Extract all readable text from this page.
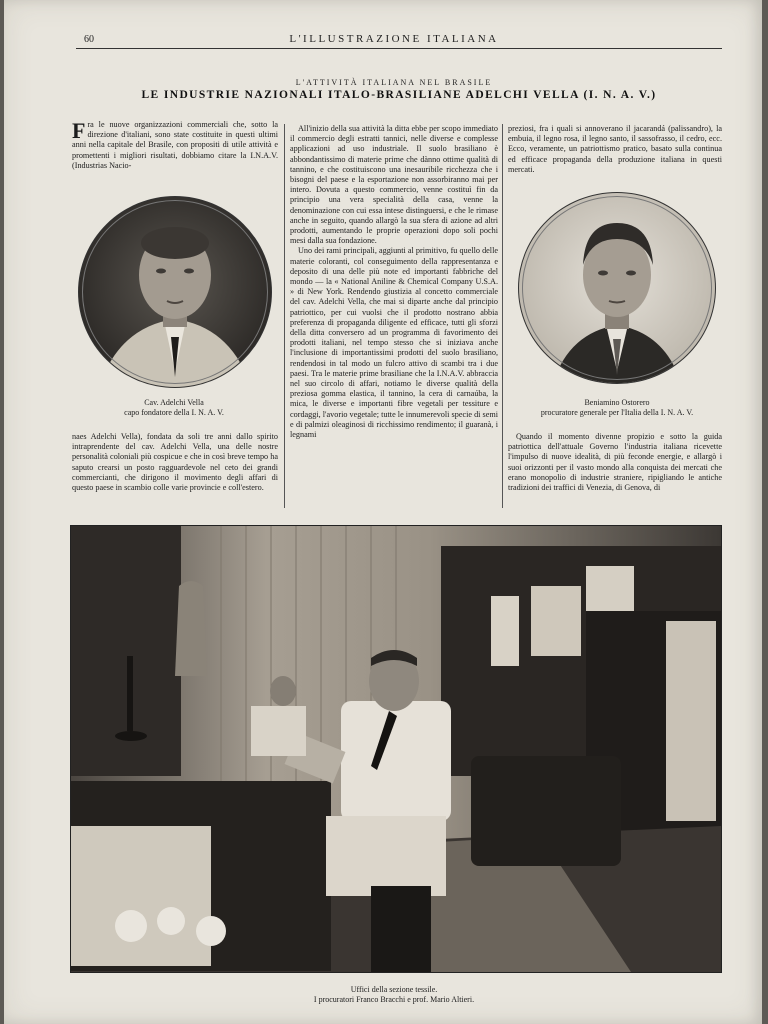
60	L'ILLUSTRAZIONE ITALIANA
L'ATTIVITÀ ITALIANA NEL BRASILE
LE INDUSTRIE NAZIONALI ITALO-BRASILIANE ADELCHI VELLA (I. N. A. V.)
Fra le nuove organizzazioni commerciali che, sotto la direzione d'italiani, sono state costituite in questi ultimi anni nella capitale del Brasile, con propositi di utile attività e promettenti i migliori risultati, dobbiamo citare la I.N.A.V. (Industrias Nacio-

All'inizio della sua attività la ditta ebbe per scopo immediato il commercio degli estratti tannici, nelle diverse e complesse applicazioni ad uso industriale. Il suolo brasiliano è abbondantissimo di materie prime che dànno ottime qualità di tannino, e che costituiscono una inesauribile ricchezza che i bisogni del paese e la esportazione non assorbiranno mai per intero. Dovuta a questo commercio, venne costituì fin da principio una vera specialità della casa, venne la denominazione con cui essa intese distinguersi, e che le rimase anche in seguito, quando allargò la sua sfera di azione ad altri prodotti, aumentando le proprie operazioni dopo soli pochi mesi dalla sua fondazione.

Uno dei rami principali, aggiunti al primitivo, fu quello delle materie coloranti, col conseguimento della rappresentanza e deposito di una delle più note ed importanti fabbriche del mondo — la « National Aniline & Chemical Company U.S.A. » di New York. Rendendo giustizia al concetto commerciale del cav. Adelchi Vella, che mai si diparte anche dal principio patriottico, per cui vuolsi che il prodotto nostrano abbia preferenza di propaganda diligente ed efficace, tutti gli sforzi della ditta conversero ad un programma di favorimento dei prodotti italiani, nel tempo stesso che si iniziava anche l'inclusione di importantissimi prodotti del suolo brasiliano, rendendosi in tal modo un fulcro attivo di scambi tra i due paesi. Tra le materie prime brasiliane che la I.N.A.V. abbraccia nel suo circolo di affari, notiamo le diverse qualità della preziosa gomma elastica, il tannino, la cera di carnaúba, la mica, le diverse e importanti fibre vegetali per tessiture e cordaggi, l'avorio vegetale; tutte le innumerevoli specie di semi e di palmizi oleaginosi di ricchissimo rendimento; il guaranà, i legnami

preziosi, fra i quali si annoverano il jacarandá (palissandro), la embuia, il legno rosa, il legno santo, il sassofrasso, il cedro, ecc. Ecco, veramente, un patriottismo pratico, basato sulla continua ed efficace propaganda della produzione italiana in questi mercati.
Cav. Adelchi Vella
capo fondatore della I. N. A. V.
Beniamino Ostorero
procuratore generale per l'Italia della I. N. A. V.
naes Adelchi Vella), fondata da soli tre anni dallo spirito intraprendente del cav. Adelchi Vella, una delle nostre personalità coloniali più cospicue e che in così breve tempo ha saputo crearsi un posto ragguardevole nel ceto dei grandi commercianti, che dirigono il movimento degli affari di questo paese in scambio colle varie provincie e coll'estero.

Quando il momento divenne propizio e sotto la guida patriottica dell'attuale Governo l'industria italiana ricevette l'impulso di nuove idealità, di più feconde energie, e allargò i suoi orizzonti per il vasto mondo alla conquista dei mercati che erano monopolio di industrie straniere, ripigliando le antiche tradizioni dei traffici di Venezia, di Genova, di

Uffici della sezione tessile.
I procuratori Franco Bracchi e prof. Mario Altieri.
